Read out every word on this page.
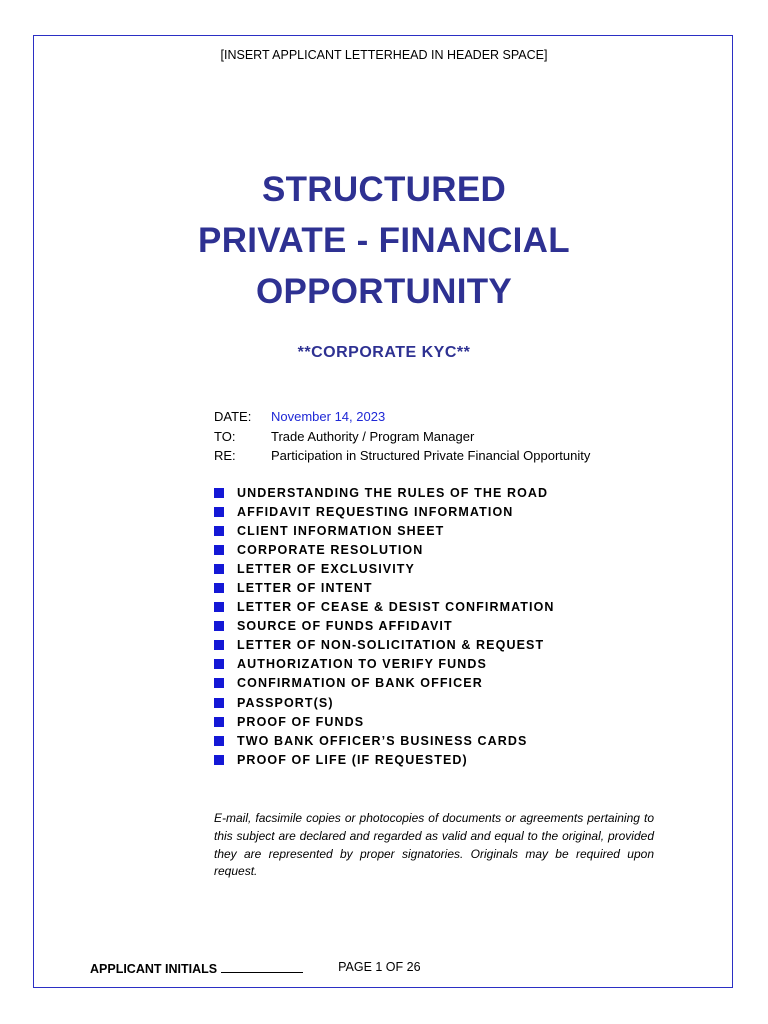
[INSERT APPLICANT LETTERHEAD IN HEADER SPACE]
STRUCTURED
PRIVATE - FINANCIAL
OPPORTUNITY
**CORPORATE KYC**
DATE:	November 14, 2023
TO:	Trade Authority / Program Manager
RE:	Participation in Structured Private Financial Opportunity
UNDERSTANDING THE RULES OF THE ROAD
AFFIDAVIT REQUESTING INFORMATION
CLIENT INFORMATION SHEET
CORPORATE RESOLUTION
LETTER OF EXCLUSIVITY
LETTER OF INTENT
LETTER OF CEASE & DESIST CONFIRMATION
SOURCE OF FUNDS AFFIDAVIT
LETTER OF NON-SOLICITATION & REQUEST
AUTHORIZATION TO VERIFY FUNDS
CONFIRMATION OF BANK OFFICER
PASSPORT(S)
PROOF OF FUNDS
TWO BANK OFFICER’S BUSINESS CARDS
PROOF OF LIFE (IF REQUESTED)

E-mail, facsimile copies or photocopies of documents or agreements pertaining to this subject are declared and regarded as valid and equal to the original, provided they are represented by proper signatories. Originals may be required upon request.

APPLICANT INITIALS	PAGE 1 OF 26
